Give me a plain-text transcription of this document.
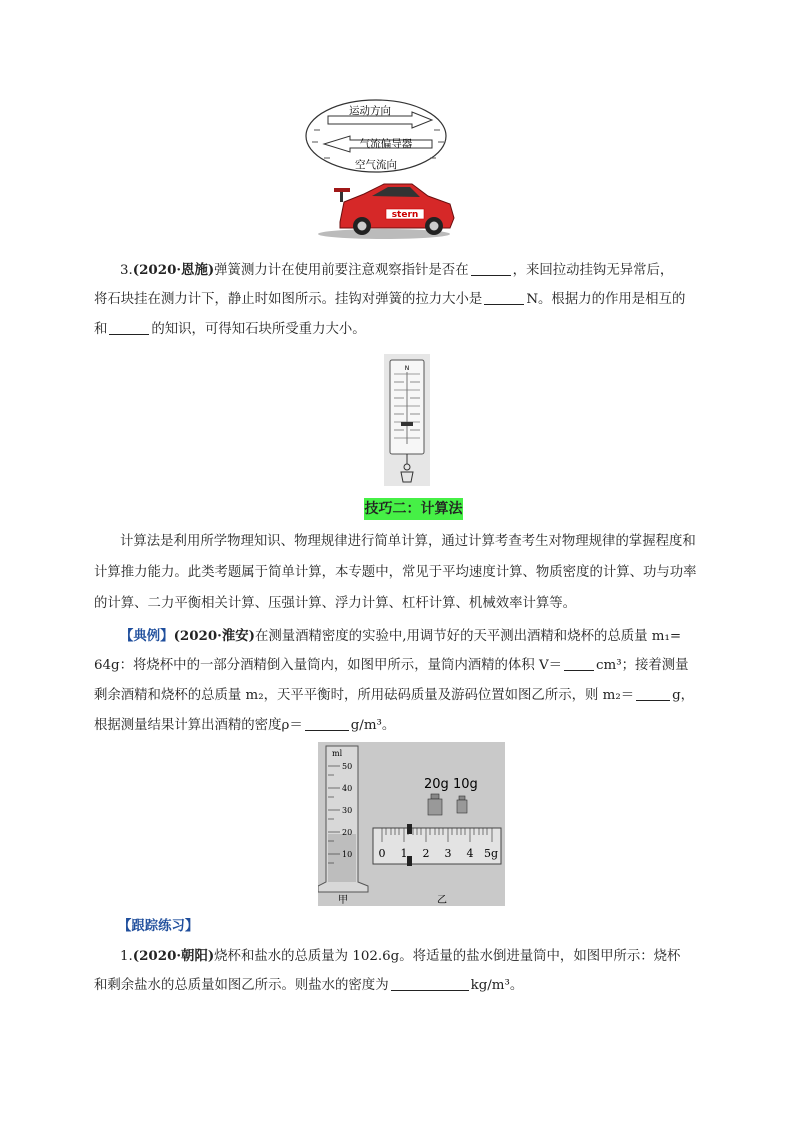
运动方向
气流偏导器
空气流向
stern
3.(2020·恩施)弹簧测力计在使用前要注意观察指针是否在	，来回拉动挂钩无异常后，

将石块挂在测力计下，静止时如图所示。挂钩对弹簧的拉力大小是	N。根据力的作用是相互的
和	的知识，可得知石块所受重力大小。
N
技巧二：计算法
计算法是利用所学物理知识、物理规律进行简单计算，通过计算考查考生对物理规律的掌握程度和计算推力能力。此类考题属于简单计算，本专题中，常见于平均速度计算、物质密度的计算、功与功率的计算、二力平衡相关计算、压强计算、浮力计算、杠杆计算、机械效率计算等。
【典例】(2020·淮安)在测量酒精密度的实验中,用调节好的天平测出酒精和烧杯的总质量 m₁=
64g：将烧杯中的一部分酒精倒入量筒内，如图甲所示，量筒内酒精的体积 V＝	cm³；接着测量
剩余酒精和烧杯的总质量 m₂，天平平衡时，所用砝码质量及游码位置如图乙所示，则 m₂＝	g，
根据测量结果计算出酒精的密度ρ＝	g/m³。
ml
50
40
30
20
10
20g 10g
0 1 2 3 4 5g
甲	乙
【跟踪练习】
1.(2020·朝阳)烧杯和盐水的总质量为 102.6g。将适量的盐水倒进量筒中，如图甲所示：烧杯
和剩余盐水的总质量如图乙所示。则盐水的密度为	kg/m³。
